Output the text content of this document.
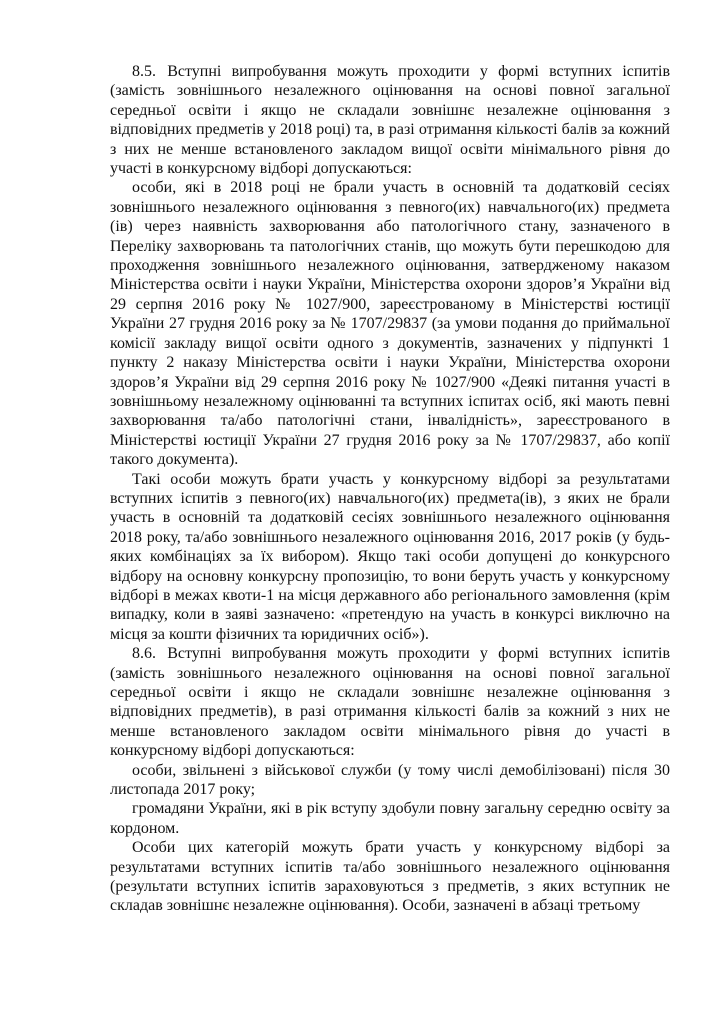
8.5. Вступні випробування можуть проходити у формі вступних іспитів (замість зовнішнього незалежного оцінювання на основі повної загальної середньої освіти і якщо не складали зовнішнє незалежне оцінювання з відповідних предметів у 2018 році) та, в разі отримання кількості балів за кожний з них не менше встановленого закладом вищої освіти мінімального рівня до участі в конкурсному відборі допускаються:

особи, які в 2018 році не брали участь в основній та додатковій сесіях зовнішнього незалежного оцінювання з певного(их) навчального(их) предмета (ів) через наявність захворювання або патологічного стану, зазначеного в Переліку захворювань та патологічних станів, що можуть бути перешкодою для проходження зовнішнього незалежного оцінювання, затвердженому наказом Міністерства освіти і науки України, Міністерства охорони здоров’я України від 29 серпня 2016 року № 1027/900, зареєстрованому в Міністерстві юстиції України 27 грудня 2016 року за № 1707/29837 (за умови подання до приймальної комісії закладу вищої освіти одного з документів, зазначених у підпункті 1 пункту 2 наказу Міністерства освіти і науки України, Міністерства охорони здоров’я України від 29 серпня 2016 року № 1027/900 «Деякі питання участі в зовнішньому незалежному оцінюванні та вступних іспитах осіб, які мають певні захворювання та/або патологічні стани, інвалідність», зареєстрованого в Міністерстві юстиції України 27 грудня 2016 року за № 1707/29837, або копії такого документа).

Такі особи можуть брати участь у конкурсному відборі за результатами вступних іспитів з певного(их) навчального(их) предмета(ів), з яких не брали участь в основній та додатковій сесіях зовнішнього незалежного оцінювання 2018 року, та/або зовнішнього незалежного оцінювання 2016, 2017 років (у будь-яких комбінаціях за їх вибором). Якщо такі особи допущені до конкурсного відбору на основну конкурсну пропозицію, то вони беруть участь у конкурсному відборі в межах квоти-1 на місця державного або регіонального замовлення (крім випадку, коли в заяві зазначено: «претендую на участь в конкурсі виключно на місця за кошти фізичних та юридичних осіб»).

8.6. Вступні випробування можуть проходити у формі вступних іспитів (замість зовнішнього незалежного оцінювання на основі повної загальної середньої освіти і якщо не складали зовнішнє незалежне оцінювання з відповідних предметів), в разі отримання кількості балів за кожний з них не менше встановленого закладом освіти мінімального рівня до участі в конкурсному відборі допускаються:

особи, звільнені з військової служби (у тому числі демобілізовані) після 30 листопада 2017 року;

громадяни України, які в рік вступу здобули повну загальну середню освіту за кордоном.

Особи цих категорій можуть брати участь у конкурсному відборі за результатами вступних іспитів та/або зовнішнього незалежного оцінювання (результати вступних іспитів зараховуються з предметів, з яких вступник не складав зовнішнє незалежне оцінювання). Особи, зазначені в абзаці третьому
